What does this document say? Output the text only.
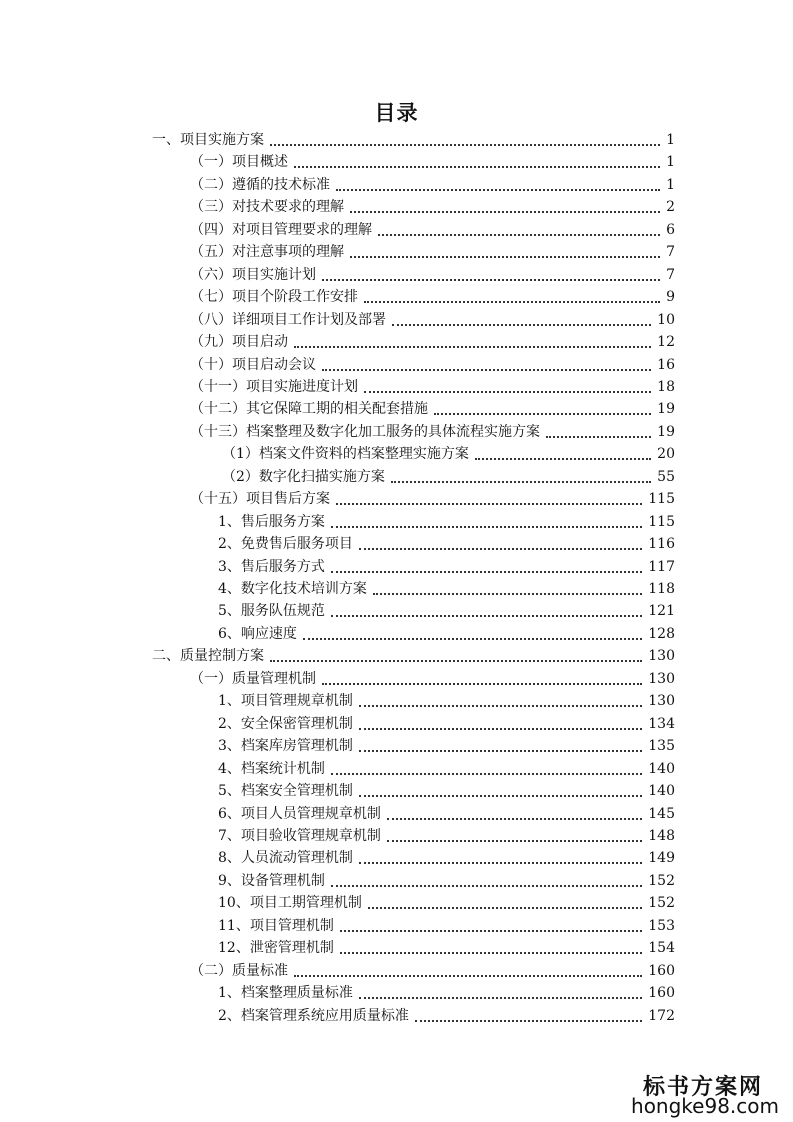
目录
一、项目实施方案	1
（一）项目概述	1
（二）遵循的技术标准	1
（三）对技术要求的理解	2
（四）对项目管理要求的理解	6
（五）对注意事项的理解	7
（六）项目实施计划	7
（七）项目个阶段工作安排	9
（八）详细项目工作计划及部署	10
（九）项目启动	12
（十）项目启动会议	16
（十一）项目实施进度计划	18
（十二）其它保障工期的相关配套措施	19
（十三）档案整理及数字化加工服务的具体流程实施方案	19
（1）档案文件资料的档案整理实施方案	20
（2）数字化扫描实施方案	55
（十五）项目售后方案	115
1、售后服务方案	115
2、免费售后服务项目	116
3、售后服务方式	117
4、数字化技术培训方案	118
5、服务队伍规范	121
6、响应速度	128
二、质量控制方案	130
（一）质量管理机制	130
1、项目管理规章机制	130
2、安全保密管理机制	134
3、档案库房管理机制	135
4、档案统计机制	140
5、档案安全管理机制	140
6、项目人员管理规章机制	145
7、项目验收管理规章机制	148
8、人员流动管理机制	149
9、设备管理机制	152
10、项目工期管理机制	152
11、项目管理机制	153
12、泄密管理机制	154
（二）质量标准	160
1、档案整理质量标准	160
2、档案管理系统应用质量标准	172
标书方案网
hongke98.com
